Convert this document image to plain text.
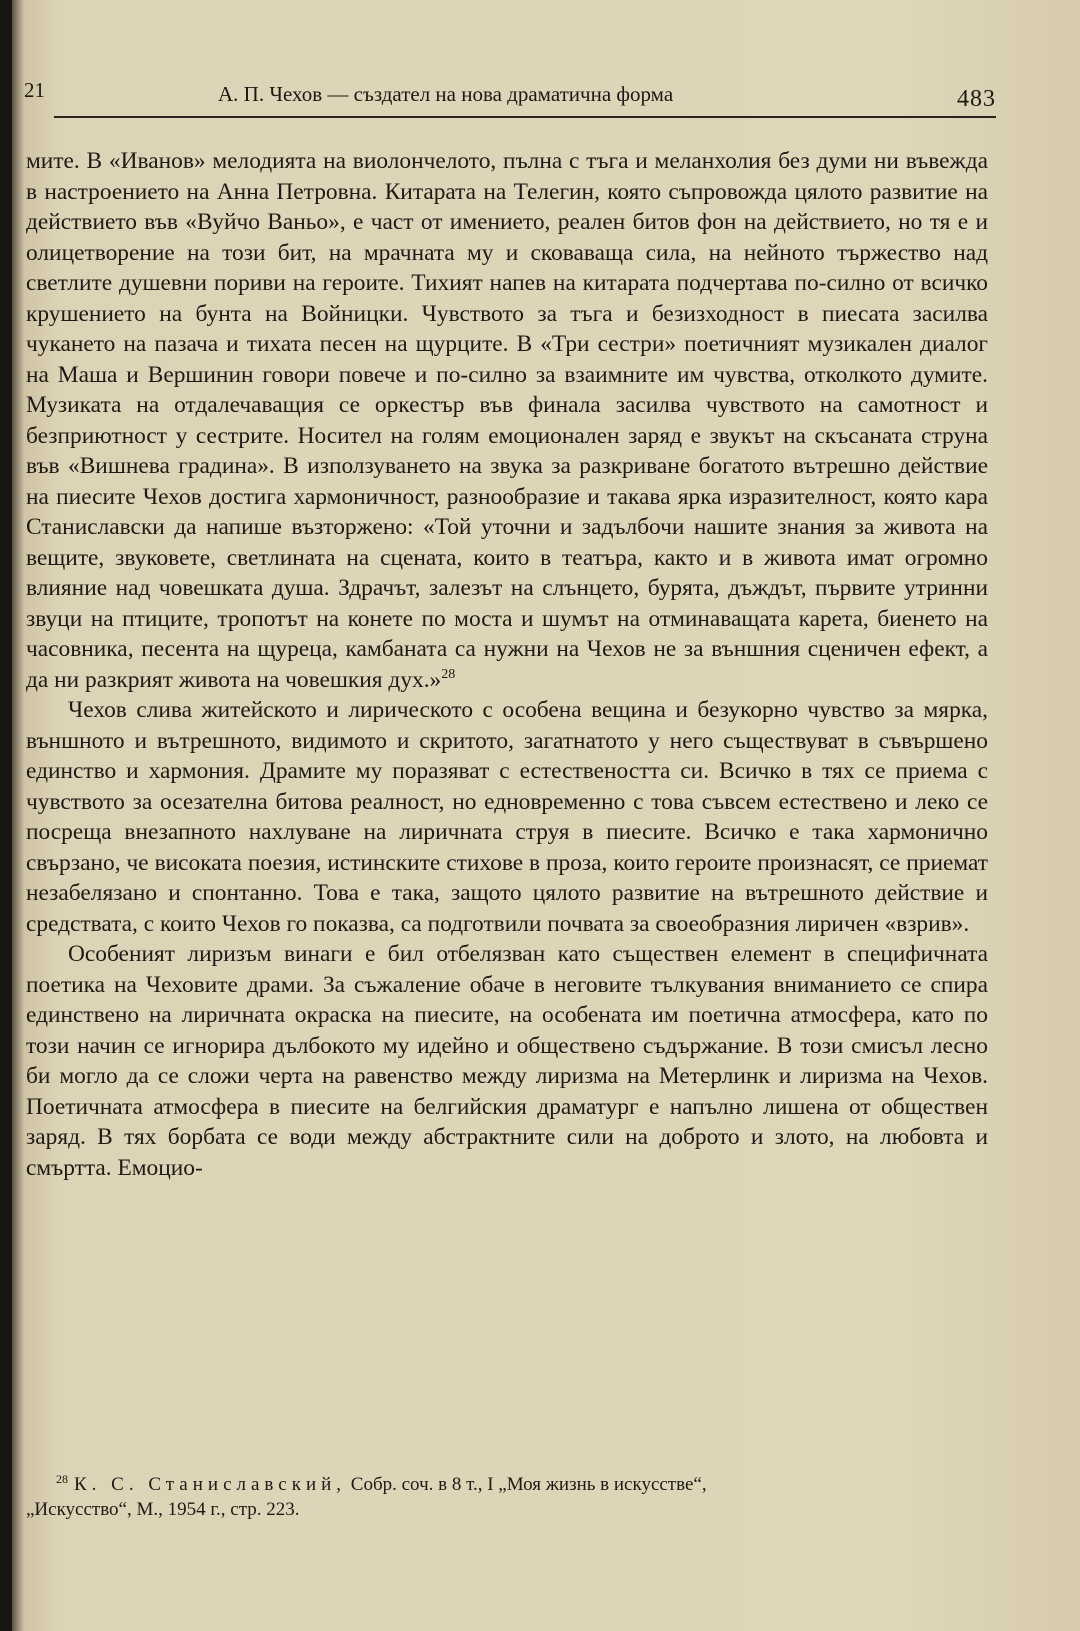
21	А. П. Чехов — създател на нова драматична форма	483

мите. В «Иванов» мелодията на виолончелото, пълна с тъга и меланхолия без думи ни въвежда в настроението на Анна Петровна. Китарата на Телегин, която съпровожда цялото развитие на действието във «Вуйчо Ваньо», е част от имението, реален битов фон на действието, но тя е и олицетворение на този бит, на мрачната му и сковаваща сила, на нейното тържество над светлите душевни пориви на героите. Тихият напев на китарата подчертава по-силно от всичко крушението на бунта на Войницки. Чувството за тъга и безизходност в пиесата засилва чукането на пазача и тихата песен на щурците. В «Три сестри» поетичният музикален диалог на Маша и Вершинин говори повече и по-силно за взаимните им чувства, отколкото думите. Музиката на отдалечаващия се оркестър във финала засилва чувството на самотност и безприютност у сестрите. Носител на голям емоционален заряд е звукът на скъсаната струна във «Вишнева градина». В използуването на звука за разкриване богатото вътрешно действие на пиесите Чехов достига хармоничност, разнообразие и такава ярка изразителност, която кара Станиславски да напише възторжено: «Той уточни и задълбочи нашите знания за живота на вещите, звуковете, светлината на сцената, които в театъра, както и в живота имат огромно влияние над човешката душа. Здрачът, залезът на слънцето, бурята, дъждът, първите утринни звуци на птиците, тропотът на конете по моста и шумът на отминаващата карета, биенето на часовника, песента на щуреца, камбаната са нужни на Чехов не за външния сценичен ефект, а да ни разкрият живота на човешкия дух.»$^{28}$

Чехов слива житейското и лирическото с особена вещина и безукорно чувство за мярка, външното и вътрешното, видимото и скритото, загатнатото у него съществуват в съвършено единство и хармония. Драмите му поразяват с естествеността си. Всичко в тях се приема с чувството за осезателна битова реалност, но едновременно с това съвсем естествено и леко се посреща внезапното нахлуване на лиричната струя в пиесите. Всичко е така хармонично свързано, че високата поезия, истинските стихове в проза, които героите произнасят, се приемат незабелязано и спонтанно. Това е така, защото цялото развитие на вътрешното действие и средствата, с които Чехов го показва, са подготвили почвата за своеобразния лиричен «взрив».

Особеният лиризъм винаги е бил отбелязван като съществен елемент в специфичната поетика на Чеховите драми. За съжаление обаче в неговите тълкувания вниманието се спира единствено на лиричната окраска на пиесите, на особената им поетична атмосфера, като по този начин се игнорира дълбокото му идейно и обществено съдържание. В този смисъл лесно би могло да се сложи черта на равенство между лиризма на Метерлинк и лиризма на Чехов. Поетичната атмосфера в пиесите на белгийския драматург е напълно лишена от обществен заряд. В тях борбата се води между абстрактните сили на доброто и злото, на любовта и смъртта. Емоцио-

$^{28}$ К. С. Станиславский, Собр. соч. в 8 т., I „Моя жизнь в искусстве“,
„Искусство“, М., 1954 г., стр. 223.
